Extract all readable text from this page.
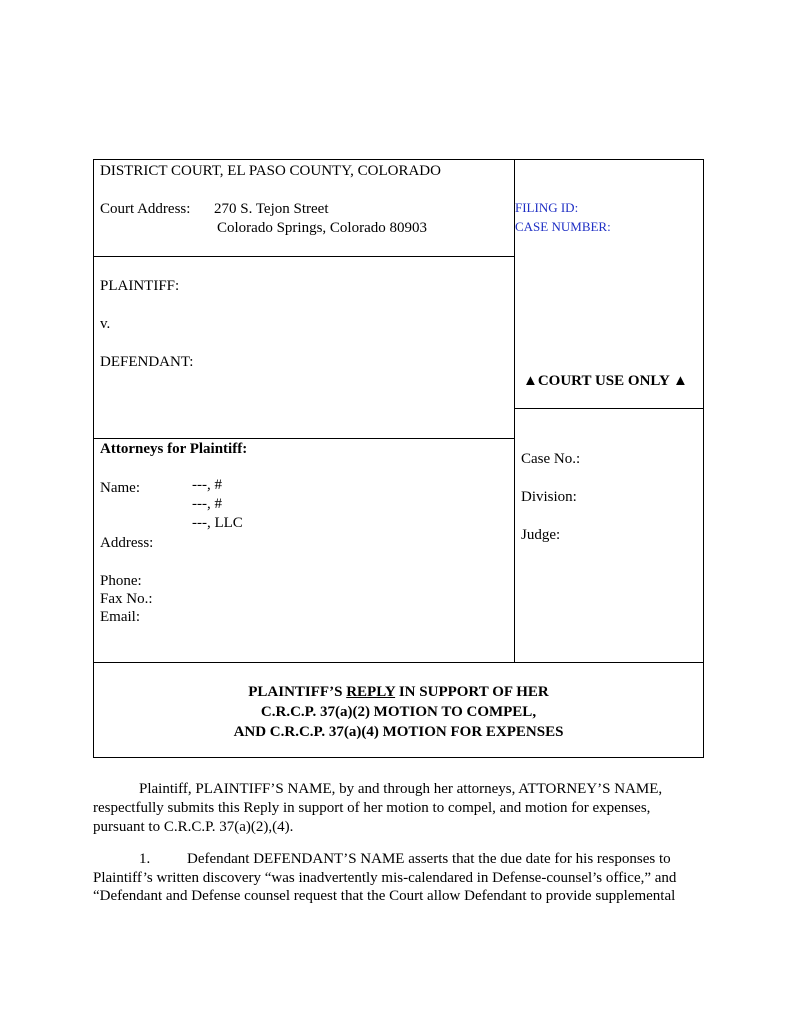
DISTRICT COURT, EL PASO COUNTY, COLORADO
Court Address: 270 S. Tejon Street
Colorado Springs, Colorado 80903
FILING ID:
CASE NUMBER:
PLAINTIFF:
v.
DEFENDANT:
▲COURT USE ONLY ▲
Attorneys for Plaintiff:
Name:	---, #
---, #
---, LLC
Address:
Phone:
Fax No.:
Email:
Case No.:
Division:
Judge:
PLAINTIFF’S REPLY IN SUPPORT OF HER
C.R.C.P. 37(a)(2) MOTION TO COMPEL,
AND C.R.C.P. 37(a)(4) MOTION FOR EXPENSES
Plaintiff, PLAINTIFF’S NAME, by and through her attorneys, ATTORNEY’S NAME,
respectfully submits this Reply in support of her motion to compel, and motion for expenses,
pursuant to C.R.C.P. 37(a)(2),(4).
1. Defendant DEFENDANT’S NAME asserts that the due date for his responses to
Plaintiff’s written discovery “was inadvertently mis-calendared in Defense-counsel’s office,” and
“Defendant and Defense counsel request that the Court allow Defendant to provide supplemental
